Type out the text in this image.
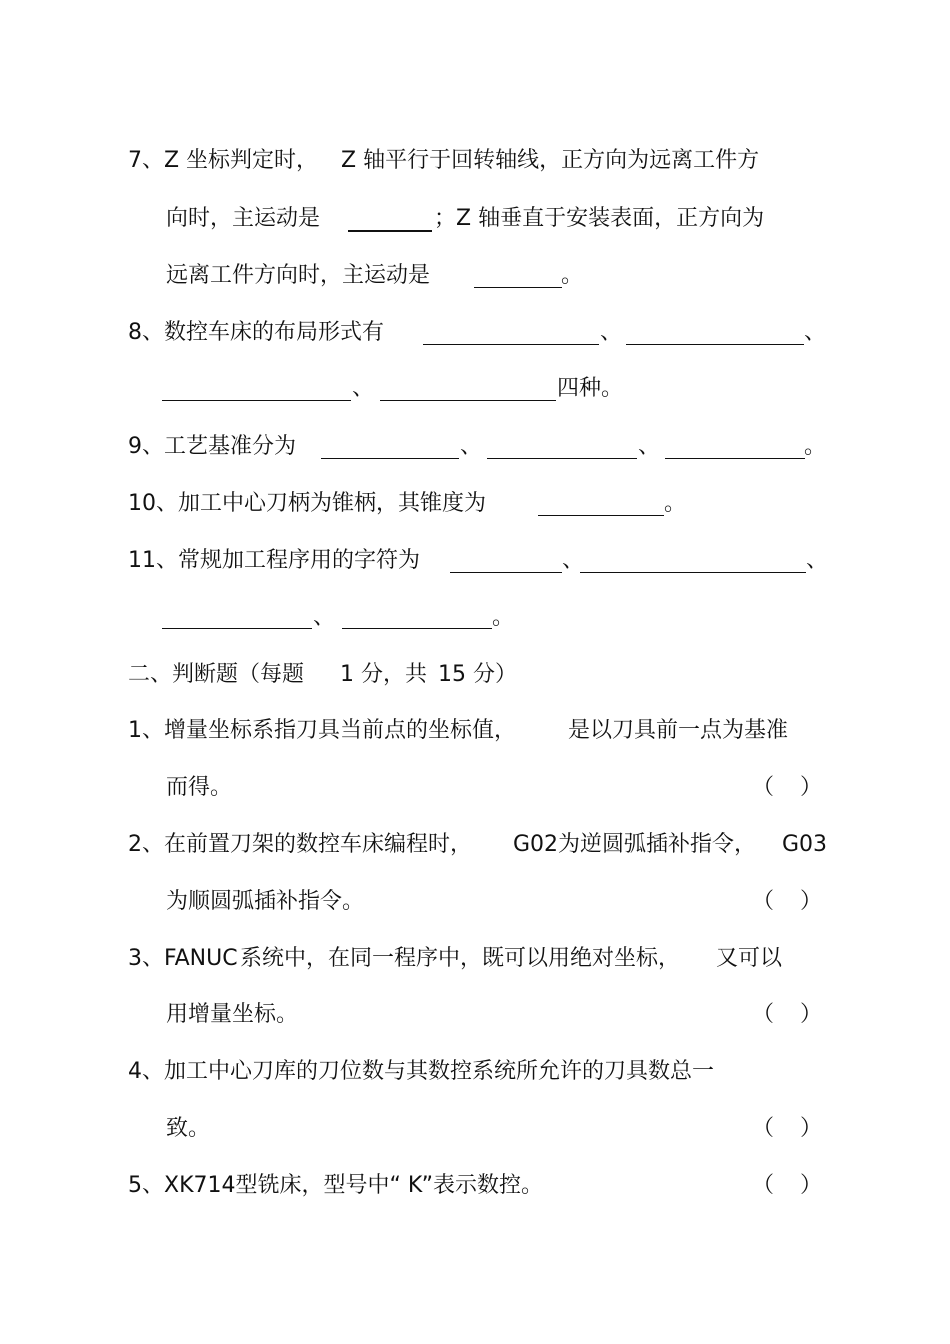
7、Z 坐标判定时， Z 轴平行于回转轴线，正方向为远离工件方
向时，主运动是	；Z 轴垂直于安装表面，正方向为
远离工件方向时，主运动是	。
8、数控车床的布局形式有	、	、
、	四种。
9、工艺基准分为	、	、	。
10、加工中心刀柄为锥柄，其锥度为	。
11、常规加工程序用的字符为	、	、
、	。
二、判断题（每题 1 分，共 15 分）
1、增量坐标系指刀具当前点的坐标值， 是以刀具前一点为基准
而得。	（ ）
2、在前置刀架的数控车床编程时， G02为逆圆弧插补指令， G03
为顺圆弧插补指令。	（ ）
3、FANUC 系统中，在同一程序中，既可以用绝对坐标， 又可以
用增量坐标。	（ ）
4、加工中心刀库的刀位数与其数控系统所允许的刀具数总一
致。	（ ）
5、XK714型铣床，型号中“ K”表示数控。	（ ）
